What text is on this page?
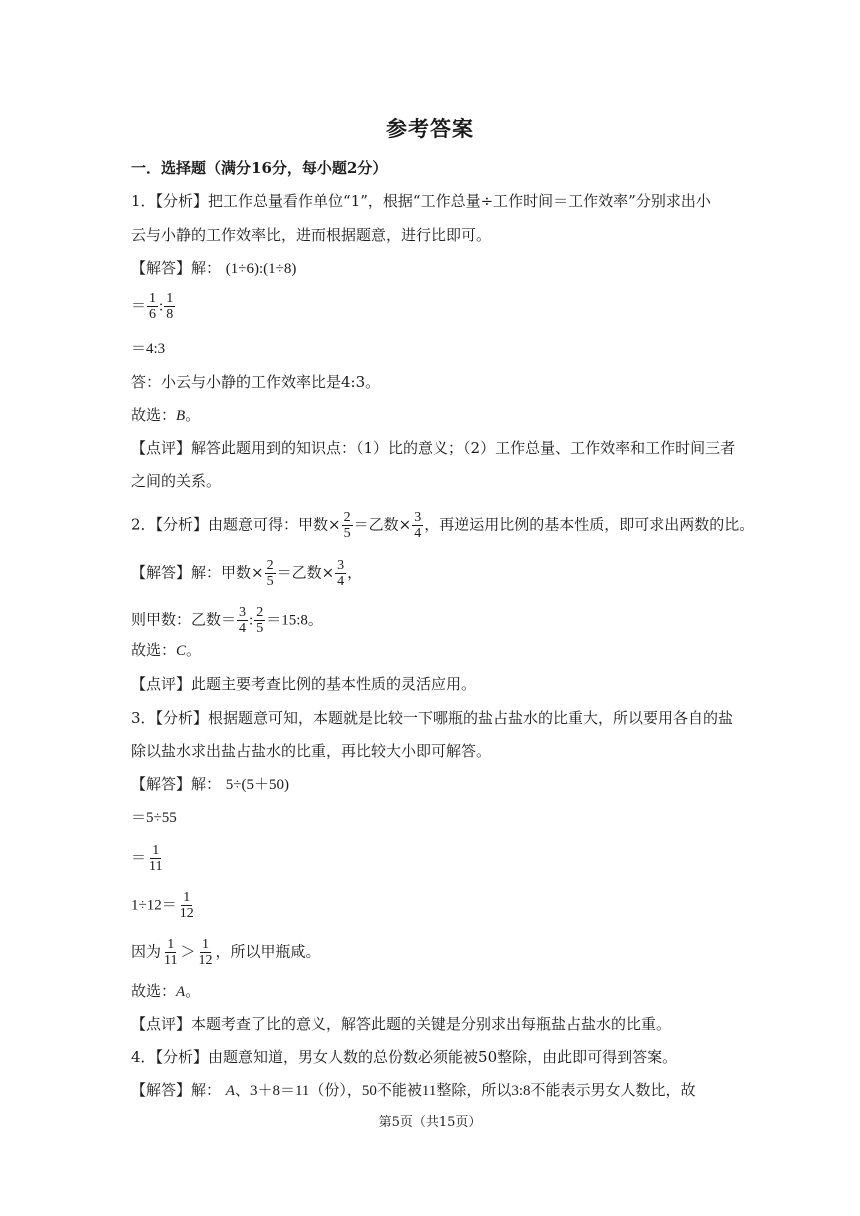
参考答案
一．选择题（满分16分，每小题2分）
1．【分析】把工作总量看作单位“1”，根据“工作总量÷工作时间＝工作效率”分别求出小
云与小静的工作效率比，进而根据题意，进行比即可。
【解答】解： (1÷6):(1÷8)
＝ $\frac{1}{6}$ : $\frac{1}{8}$
＝4:3
答：小云与小静的工作效率比是4:3。
故选：B。
【点评】解答此题用到的知识点：（1）比的意义；（2）工作总量、工作效率和工作时间三者
之间的关系。
2．【分析】由题意可得：甲数× $\frac{2}{5}$ ＝乙数× $\frac{3}{4}$ ，再逆运用比例的基本性质，即可求出两数的比。
【解答】解：甲数× $\frac{2}{5}$ ＝乙数× $\frac{3}{4}$ ，
则甲数：乙数＝ $\frac{3}{4}$ : $\frac{2}{5}$ ＝15:8。
故选：C。
【点评】此题主要考查比例的基本性质的灵活应用。
3．【分析】根据题意可知，本题就是比较一下哪瓶的盐占盐水的比重大，所以要用各自的盐
除以盐水求出盐占盐水的比重，再比较大小即可解答。
【解答】解： 5÷(5＋50)
＝5÷55
＝ $\frac{1}{11}$
$1\div 12= \frac{1}{12}$
因为 $\frac{1}{11} > \frac{1}{12}$ ，所以甲瓶咸。
故选：A。
【点评】本题考查了比的意义，解答此题的关键是分别求出每瓶盐占盐水的比重。
4．【分析】由题意知道，男女人数的总份数必须能被50整除，由此即可得到答案。
【解答】解： A、3＋8＝11（份），50不能被11整除，所以3:8不能表示男女人数比，故
第5页（共15页）
